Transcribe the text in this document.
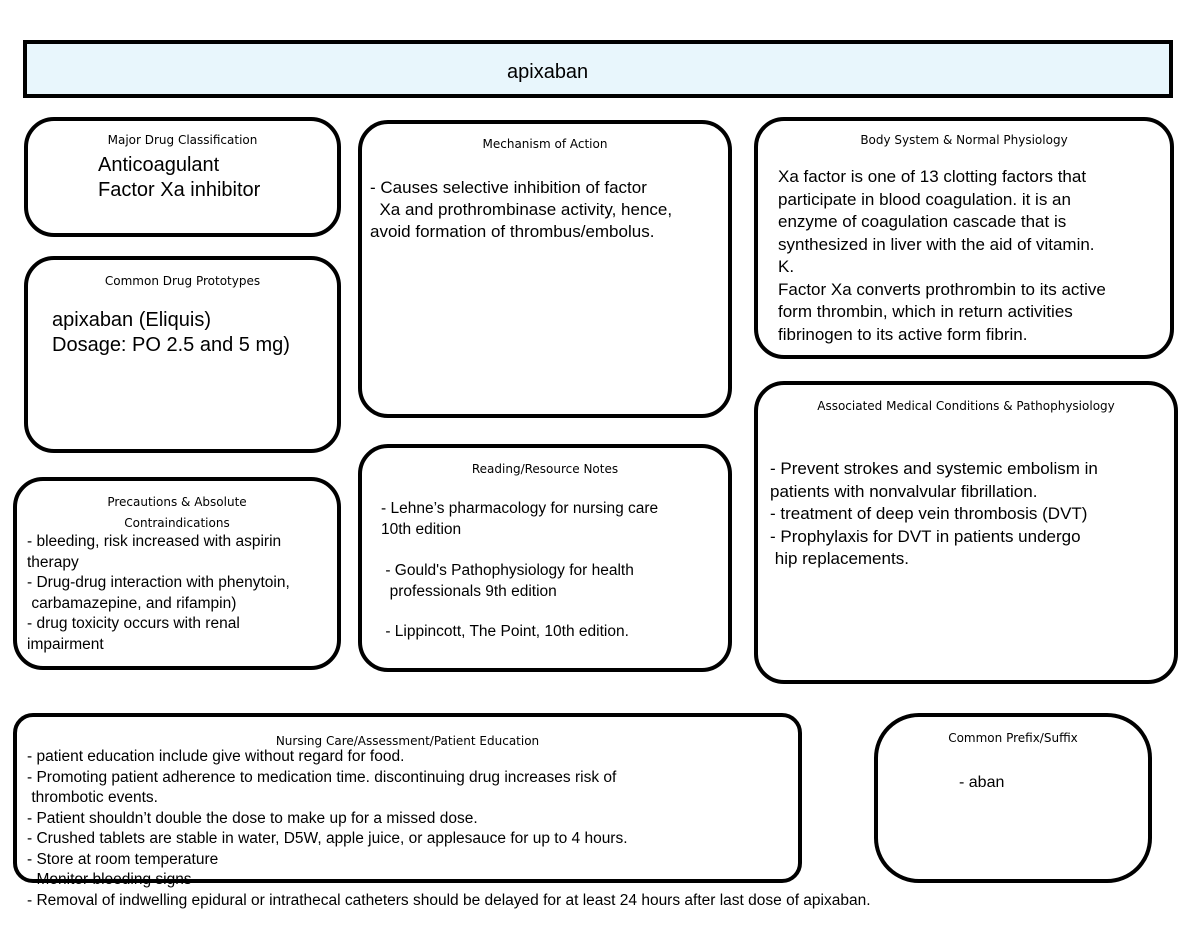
apixaban
Major Drug Classification
Anticoagulant
Factor Xa inhibitor
Mechanism of Action
- Causes selective inhibition of factor
Xa and prothrombinase activity, hence,
avoid formation of thrombus/embolus.
Body System & Normal Physiology
Xa factor is one of 13 clotting factors that
participate in blood coagulation. it is an
enzyme of coagulation cascade that is
synthesized in liver with the aid of vitamin.
K.
Factor Xa converts prothrombin to its active
form thrombin, which in return activities
fibrinogen to its active form fibrin.
Common Drug Prototypes
apixaban (Eliquis)
Dosage: PO 2.5 and 5 mg)
Associated Medical Conditions & Pathophysiology
- Prevent strokes and systemic embolism in
patients with nonvalvular fibrillation.
- treatment of deep vein thrombosis (DVT)
- Prophylaxis for DVT in patients undergo
hip replacements.
Precautions & Absolute
Contraindications
- bleeding, risk increased with aspirin
therapy
- Drug-drug interaction with phenytoin,
carbamazepine, and rifampin)
- drug toxicity occurs with renal
impairment
Reading/Resource Notes
- Lehne’s pharmacology for nursing care
10th edition
- Gould's Pathophysiology for health
professionals 9th edition
- Lippincott, The Point, 10th edition.
Nursing Care/Assessment/Patient Education
- patient education include give without regard for food.
- Promoting patient adherence to medication time. discontinuing drug increases risk of
thrombotic events.
- Patient shouldn’t double the dose to make up for a missed dose.
- Crushed tablets are stable in water, D5W, apple juice, or applesauce for up to 4 hours.
- Store at room temperature
- Monitor bleeding signs
- Removal of indwelling epidural or intrathecal catheters should be delayed for at least 24 hours after last dose of apixaban.
Common Prefix/Suffix
- aban
